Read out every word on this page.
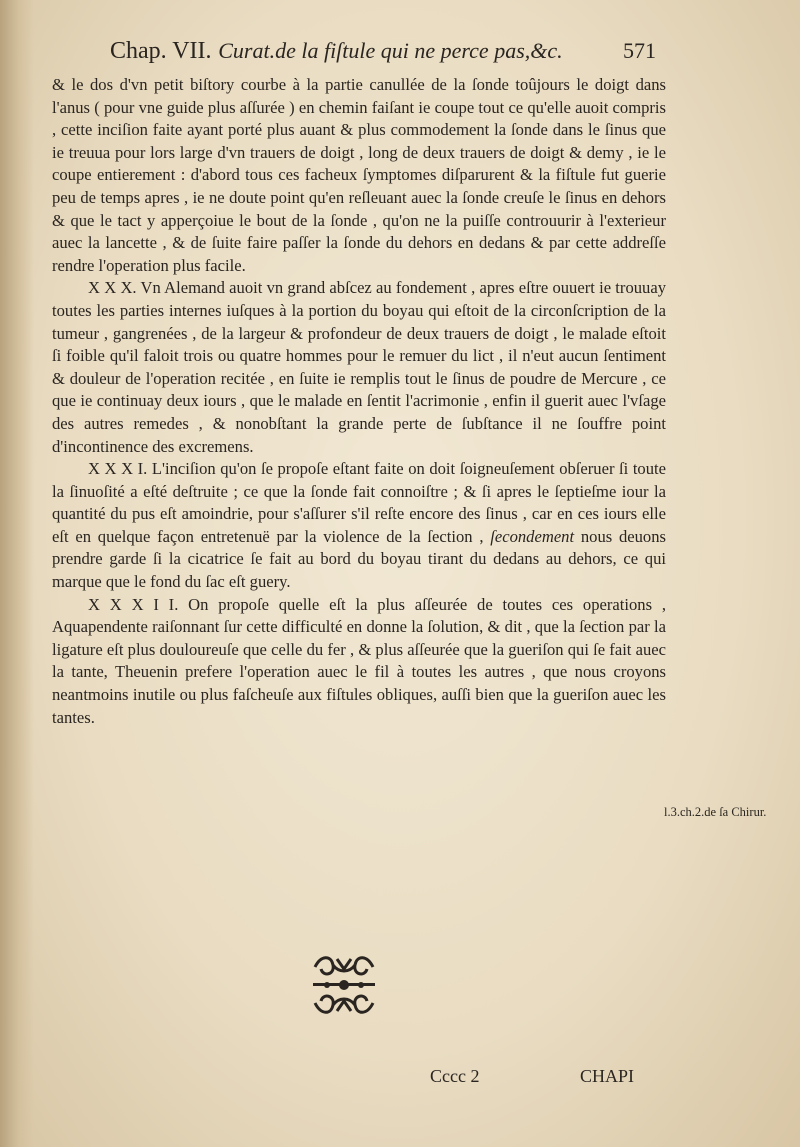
Chap. VII. Curat.de la fiſtule qui ne perce pas,&c.	571

& le dos d'vn petit biſtory courbe à la partie canullée de la ſonde toûjours le doigt dans l'anus ( pour vne guide plus aſſurée ) en chemin faiſant ie coupe tout ce qu'elle auoit compris , cette inciſion faite ayant porté plus auant & plus commodement la ſonde dans le ſinus que ie treuua pour lors large d'vn trauers de doigt , long de deux trauers de doigt & demy , ie le coupe entierement : d'abord tous ces facheux ſymptomes diſparurent & la fiſtule fut guerie peu de temps apres , ie ne doute point qu'en reſleuant auec la ſonde creuſe le ſinus en dehors & que le tact y apperçoiue le bout de la ſonde , qu'on ne la puiſſe controuurir à l'exterieur auec la lancette , & de ſuite faire paſſer la ſonde du dehors en dedans & par cette addreſſe rendre l'operation plus facile.

X X X. Vn Alemand auoit vn grand abſcez au fondement , apres eſtre ouuert ie trouuay toutes les parties internes iuſques à la portion du boyau qui eſtoit de la circonſcription de la tumeur , gangrenées , de la largeur & profondeur de deux trauers de doigt , le malade eſtoit ſi foible qu'il faloit trois ou quatre hommes pour le remuer du lict , il n'eut aucun ſentiment & douleur de l'operation recitée , en ſuite ie remplis tout le ſinus de poudre de Mercure , ce que ie continuay deux iours , que le malade en ſentit l'acrimonie , enfin il guerit auec l'vſage des autres remedes , & nonobſtant la grande perte de ſubſtance il ne ſouffre point d'incontinence des excremens.

X X X I. L'inciſion qu'on ſe propoſe eſtant faite on doit ſoigneuſement obſeruer ſi toute la ſinuoſité a eſté deſtruite ; ce que la ſonde fait connoiſtre ; & ſi apres le ſeptieſme iour la quantité du pus eſt amoindrie, pour s'aſſurer s'il reſte encore des ſinus , car en ces iours elle eſt en quelque façon entretenuë par la violence de la ſection , ſecondement nous deuons prendre garde ſi la cicatrice ſe fait au bord du boyau tirant du dedans au dehors, ce qui marque que le fond du ſac eſt guery.

X X X I I. On propoſe quelle eſt la plus aſſeurée de toutes ces operations , Aquapendente raiſonnant ſur cette difficulté en donne la ſolution, & dit , que la ſection par la ligature eſt plus douloureuſe que celle du fer , & plus aſſeurée que la gueriſon qui ſe fait auec la tante, Theuenin prefere l'operation auec le fil à toutes les autres , que nous croyons neantmoins inutile ou plus faſcheuſe aux fiſtules obliques, auſſi bien que la gueriſon auec les tantes.

l.3.ch.2.de ſa Chirur.
Cccc 2	CHAPI
